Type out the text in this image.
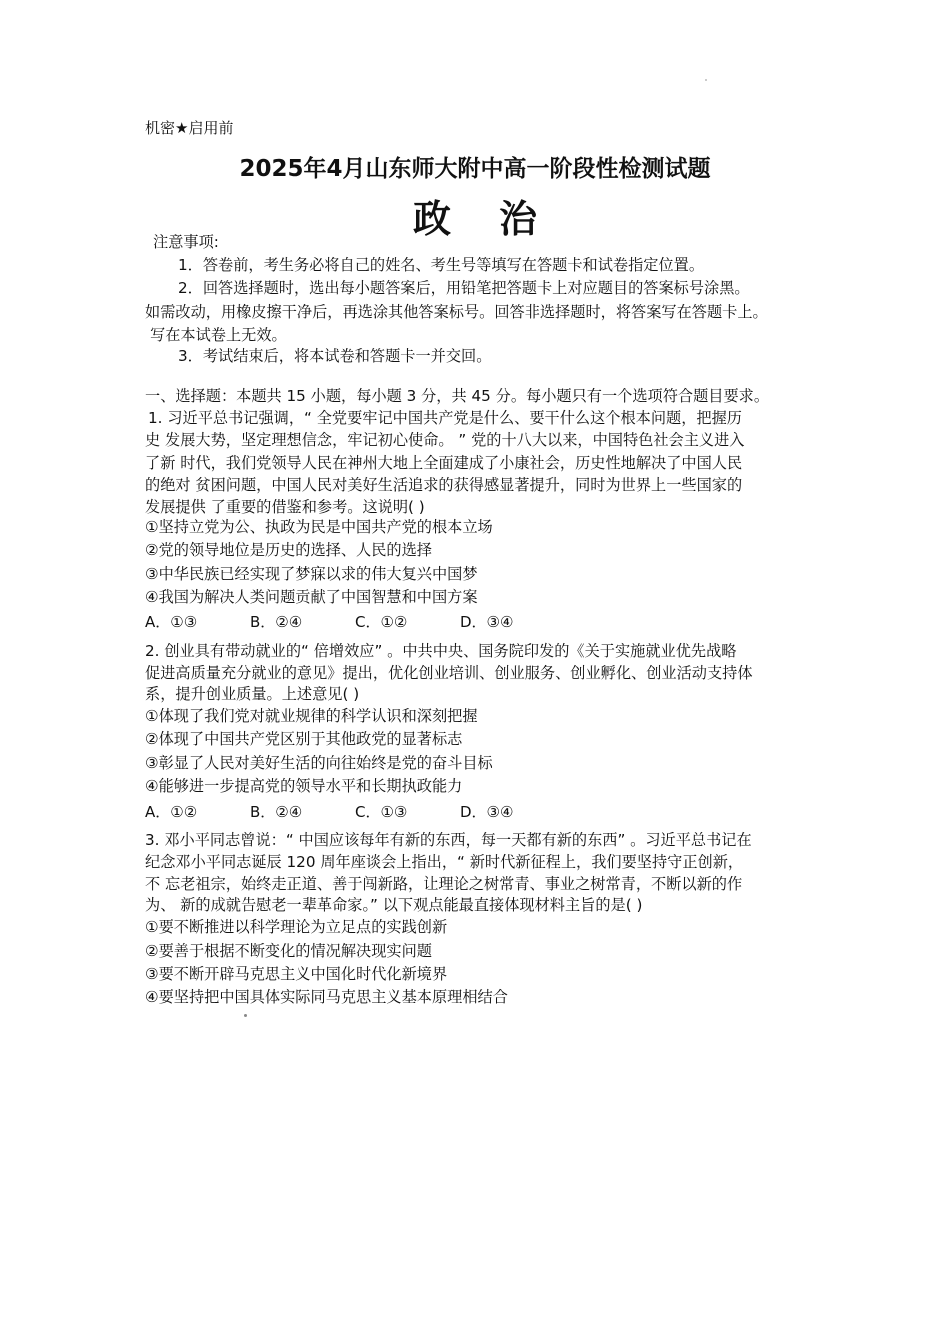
机密★启用前
2025年4月山东师大附中高一阶段性检测试题
政治
注意事项:
1．答卷前，考生务必将自己的姓名、考生号等填写在答题卡和试卷指定位置。
2．回答选择题时，选出每小题答案后，用铅笔把答题卡上对应题目的答案标号涂黑。
如需改动，用橡皮擦干净后，再选涂其他答案标号。回答非选择题时，将答案写在答题卡上。
写在本试卷上无效。
3．考试结束后，将本试卷和答题卡一并交回。
一、选择题：本题共 15 小题，每小题 3 分，共 45 分。每小题只有一个选项符合题目要求。
1. 习近平总书记强调，“ 全党要牢记中国共产党是什么、要干什么这个根本问题，把握历
史 发展大势，坚定理想信念，牢记初心使命。 ” 党的十八大以来，中国特色社会主义进入
了新 时代，我们党领导人民在神州大地上全面建成了小康社会，历史性地解决了中国人民
的绝对 贫困问题，中国人民对美好生活追求的获得感显著提升，同时为世界上一些国家的
发展提供 了重要的借鉴和参考。这说明( )
①坚持立党为公、执政为民是中国共产党的根本立场
②党的领导地位是历史的选择、人民的选择
③中华民族已经实现了梦寐以求的伟大复兴中国梦
④我国为解决人类问题贡献了中国智慧和中国方案
A．①③	B．②④	C．①②	D．③④
2. 创业具有带动就业的“ 倍增效应” 。中共中央、国务院印发的《关于实施就业优先战略
促进高质量充分就业的意见》提出，优化创业培训、创业服务、创业孵化、创业活动支持体
系，提升创业质量。上述意见( )
①体现了我们党对就业规律的科学认识和深刻把握
②体现了中国共产党区别于其他政党的显著标志
③彰显了人民对美好生活的向往始终是党的奋斗目标
④能够进一步提高党的领导水平和长期执政能力
A．①②	B．②④	C．①③	D．③④
3. 邓小平同志曾说：“ 中国应该每年有新的东西，每一天都有新的东西” 。习近平总书记在
纪念邓小平同志诞辰 120 周年座谈会上指出，“ 新时代新征程上，我们要坚持守正创新，
不 忘老祖宗，始终走正道、善于闯新路，让理论之树常青、事业之树常青，不断以新的作
为、 新的成就告慰老一辈革命家。” 以下观点能最直接体现材料主旨的是( )
①要不断推进以科学理论为立足点的实践创新
②要善于根据不断变化的情况解决现实问题
③要不断开辟马克思主义中国化时代化新境界
④要坚持把中国具体实际同马克思主义基本原理相结合
